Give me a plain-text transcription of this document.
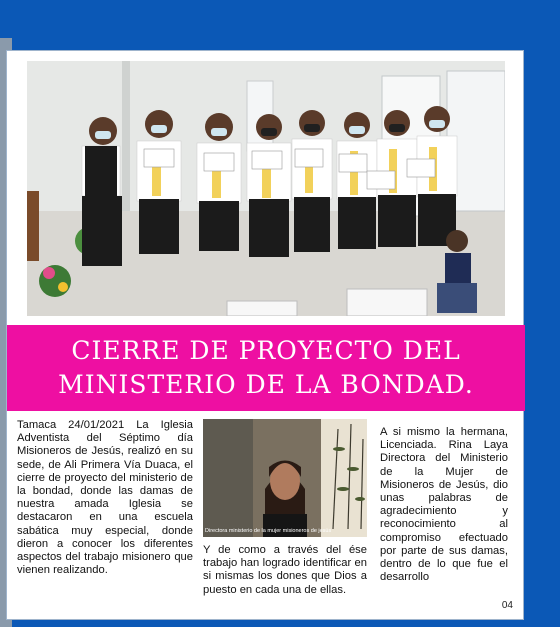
CIERRE DE PROYECTO DEL
MINISTERIO DE LA BONDAD.
Tamaca 24/01/2021 La Iglesia Adventista del Séptimo día Misioneros de Jesús, realizó en su sede, de Ali Primera Vía Duaca, el cierre de proyecto del ministerio de la bondad, donde las damas de nuestra amada Iglesia se destacaron en una escuela sabática muy especial, donde dieron a conocer los diferentes aspectos del trabajo misionero que vienen realizando.
Directora ministerio de la mujer misioneros de jesús
Y de como a través del ése trabajo han logrado identificar en si mismas los dones que Dios a puesto en cada una de ellas.
A si mismo la hermana, Licenciada. Rina Laya Directora del Ministerio de la Mujer de Misioneros de Jesús, dio unas palabras de agradecimiento y reconocimiento al compromiso efectuado por parte de sus damas, dentro de lo que fue el desarrollo
04
